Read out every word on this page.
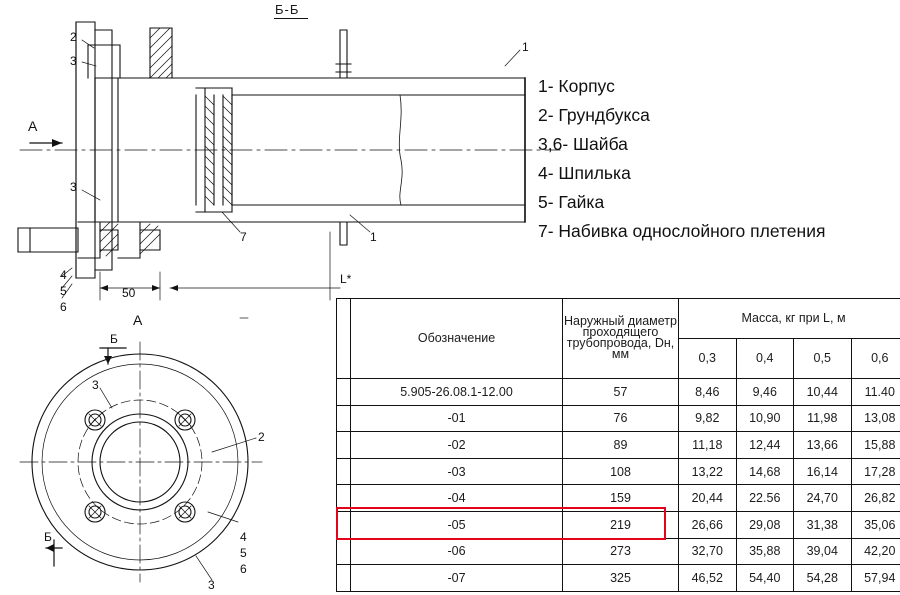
Б-Б
A
A
Б
Б
50
L*
2
3
1
3
7	1
4
5
6
3
2
4
5
6
3
1- Корпус
2- Грундбукса
3,6- Шайба
4- Шпилька
5- Гайка
7- Набивка однослойного плетения
	Обозначение	Наружный диаметр проходящего трубопровода, Dн, мм	Масса, кг при L, м			
			0,3	0,4	0,5	0,6
	5.905-26.08.1-12.00	57	8,46	9,46	10,44	11.40
	-01	76	9,82	10,90	11,98	13,08
	-02	89	11,18	12,44	13,66	15,88
	-03	108	13,22	14,68	16,14	17,28
	-04	159	20,44	22.56	24,70	26,82
	-05	219	26,66	29,08	31,38	35,06
	-06	273	32,70	35,88	39,04	42,20
	-07	325	46,52	54,40	54,28	57,94
